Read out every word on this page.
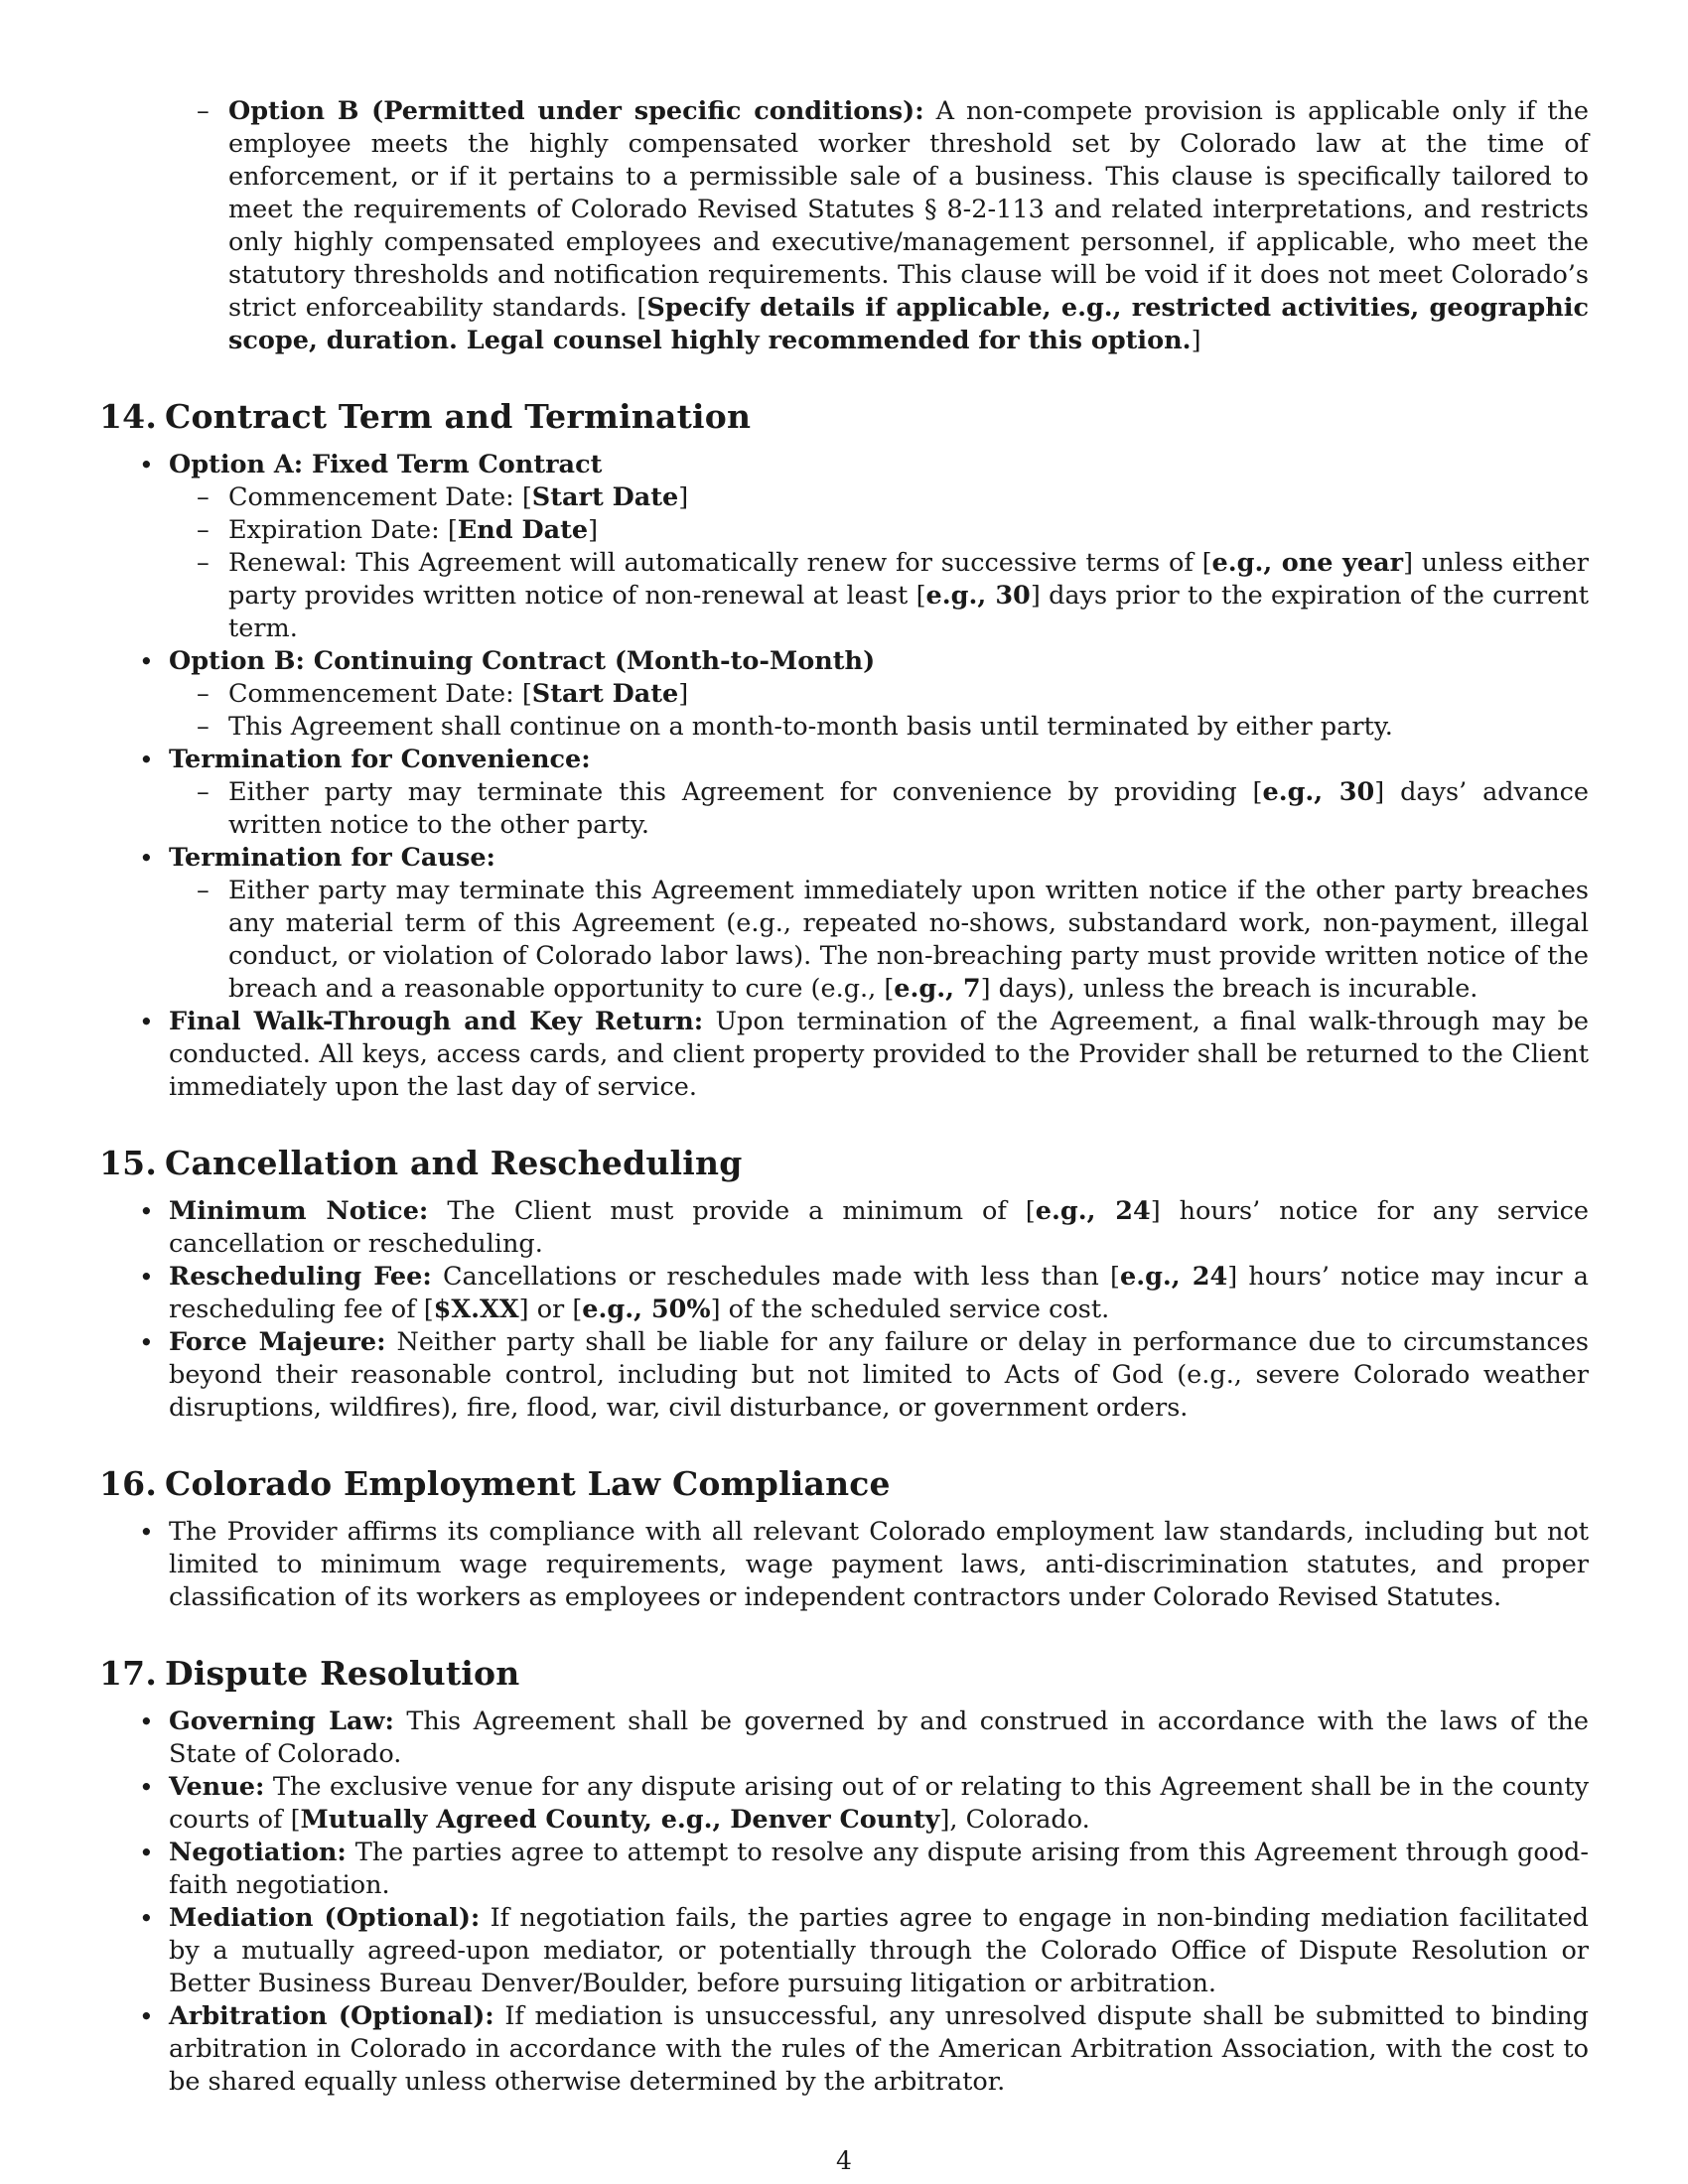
– Option B (Permitted under specific conditions): A non-compete provision is applicable only if the employee meets the highly compensated worker threshold set by Colorado law at the time of enforcement, or if it pertains to a permissible sale of a business. This clause is specifically tailored to meet the requirements of Colorado Revised Statutes § 8-2-113 and related interpretations, and restricts only highly compensated employees and executive/management personnel, if applicable, who meet the statutory thresholds and notification requirements. This clause will be void if it does not meet Colorado’s strict enforceability standards. [Specify details if applicable, e.g., restricted activities, geographic scope, duration. Legal counsel highly recommended for this option.]
14. Contract Term and Termination
• Option A: Fixed Term Contract
– Commencement Date: [Start Date]
– Expiration Date: [End Date]
– Renewal: This Agreement will automatically renew for successive terms of [e.g., one year] unless either party provides written notice of non-renewal at least [e.g., 30] days prior to the expiration of the current term.
• Option B: Continuing Contract (Month-to-Month)
– Commencement Date: [Start Date]
– This Agreement shall continue on a month-to-month basis until terminated by either party.
• Termination for Convenience:
– Either party may terminate this Agreement for convenience by providing [e.g., 30] days’ advance written notice to the other party.
• Termination for Cause:
– Either party may terminate this Agreement immediately upon written notice if the other party breaches any material term of this Agreement (e.g., repeated no-shows, substandard work, non-payment, illegal conduct, or violation of Colorado labor laws). The non-breaching party must provide written notice of the breach and a reasonable opportunity to cure (e.g., [e.g., 7] days), unless the breach is incurable.
• Final Walk-Through and Key Return: Upon termination of the Agreement, a final walk-through may be conducted. All keys, access cards, and client property provided to the Provider shall be returned to the Client immediately upon the last day of service.
15. Cancellation and Rescheduling
• Minimum Notice: The Client must provide a minimum of [e.g., 24] hours’ notice for any service cancellation or rescheduling.
• Rescheduling Fee: Cancellations or reschedules made with less than [e.g., 24] hours’ notice may incur a rescheduling fee of [$X.XX] or [e.g., 50%] of the scheduled service cost.
• Force Majeure: Neither party shall be liable for any failure or delay in performance due to circumstances beyond their reasonable control, including but not limited to Acts of God (e.g., severe Colorado weather disruptions, wildfires), fire, flood, war, civil disturbance, or government orders.
16. Colorado Employment Law Compliance
• The Provider affirms its compliance with all relevant Colorado employment law standards, including but not limited to minimum wage requirements, wage payment laws, anti-discrimination statutes, and proper classification of its workers as employees or independent contractors under Colorado Revised Statutes.
17. Dispute Resolution
• Governing Law: This Agreement shall be governed by and construed in accordance with the laws of the State of Colorado.
• Venue: The exclusive venue for any dispute arising out of or relating to this Agreement shall be in the county courts of [Mutually Agreed County, e.g., Denver County], Colorado.
• Negotiation: The parties agree to attempt to resolve any dispute arising from this Agreement through good-faith negotiation.
• Mediation (Optional): If negotiation fails, the parties agree to engage in non-binding mediation facilitated by a mutually agreed-upon mediator, or potentially through the Colorado Office of Dispute Resolution or Better Business Bureau Denver/Boulder, before pursuing litigation or arbitration.
• Arbitration (Optional): If mediation is unsuccessful, any unresolved dispute shall be submitted to binding arbitration in Colorado in accordance with the rules of the American Arbitration Association, with the cost to be shared equally unless otherwise determined by the arbitrator.
4
